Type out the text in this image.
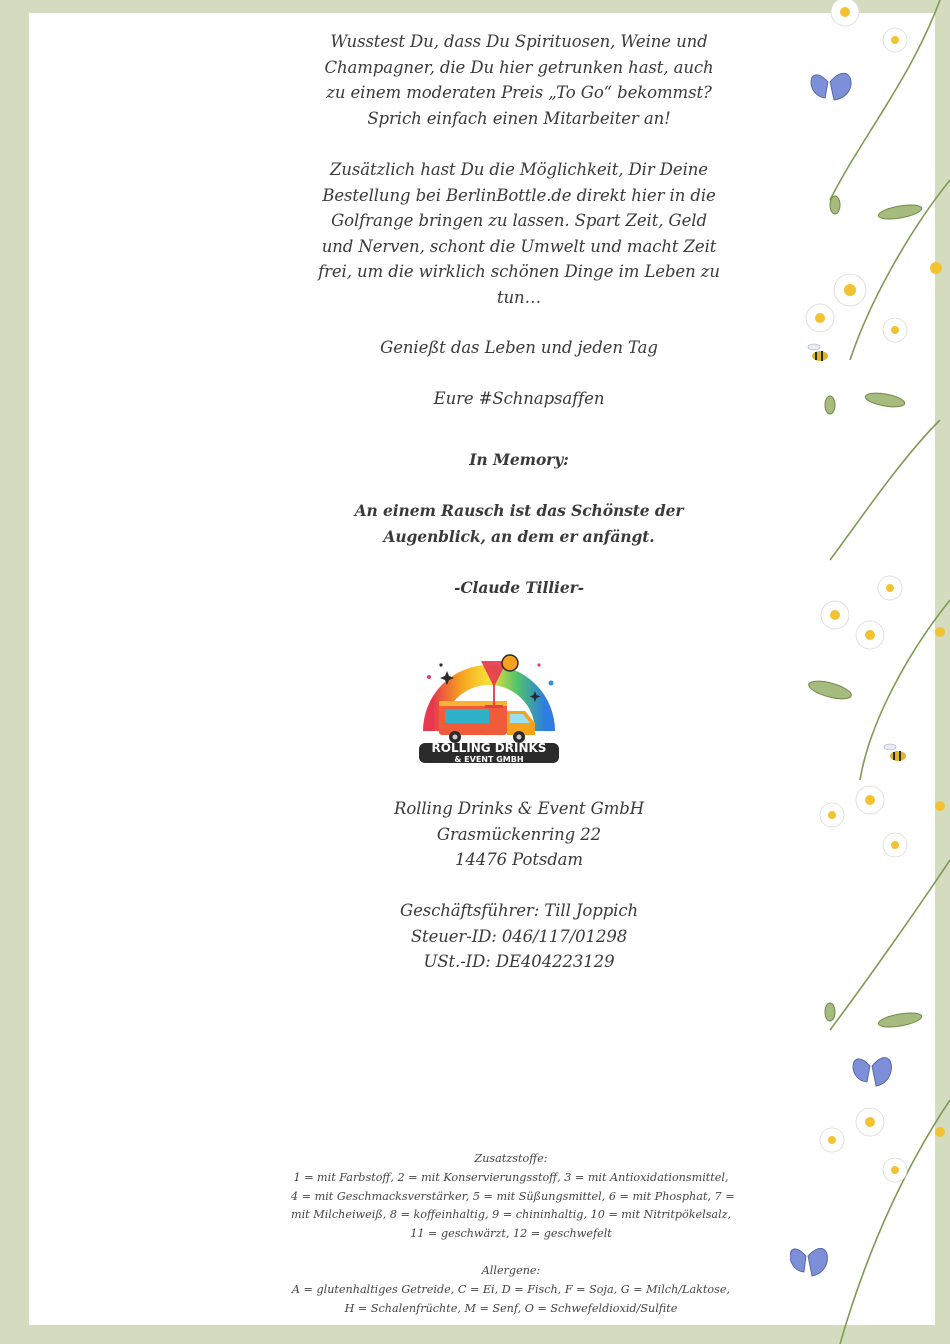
Wusstest Du, dass Du Spirituosen, Weine und
Champagner, die Du hier getrunken hast, auch
zu einem moderaten Preis „To Go“ bekommst?
Sprich einfach einen Mitarbeiter an!
Zusätzlich hast Du die Möglichkeit, Dir Deine
Bestellung bei BerlinBottle.de direkt hier in die
Golfrange bringen zu lassen. Spart Zeit, Geld
und Nerven, schont die Umwelt und macht Zeit
frei, um die wirklich schönen Dinge im Leben zu
tun…
Genießt das Leben und jeden Tag
Eure #Schnapsaffen
In Memory:
An einem Rausch ist das Schönste der
Augenblick, an dem er anfängt.
-Claude Tillier-
ROLLING DRINKS
& EVENT GMBH
Rolling Drinks & Event GmbH
Grasmückenring 22
14476 Potsdam
Geschäftsführer: Till Joppich
Steuer-ID: 046/117/01298
USt.-ID: DE404223129
Zusatzstoffe:
1 = mit Farbstoff, 2 = mit Konservierungsstoff, 3 = mit Antioxidationsmittel,
4 = mit Geschmacksverstärker, 5 = mit Süßungsmittel, 6 = mit Phosphat, 7 =
mit Milcheiweiß, 8 = koffeinhaltig, 9 = chininhaltig, 10 = mit Nitritpökelsalz,
11 = geschwärzt, 12 = geschwefelt
Allergene:
A = glutenhaltiges Getreide, C = Ei, D = Fisch, F = Soja, G = Milch/Laktose,
H = Schalenfrüchte, M = Senf, O = Schwefeldioxid/Sulfite
